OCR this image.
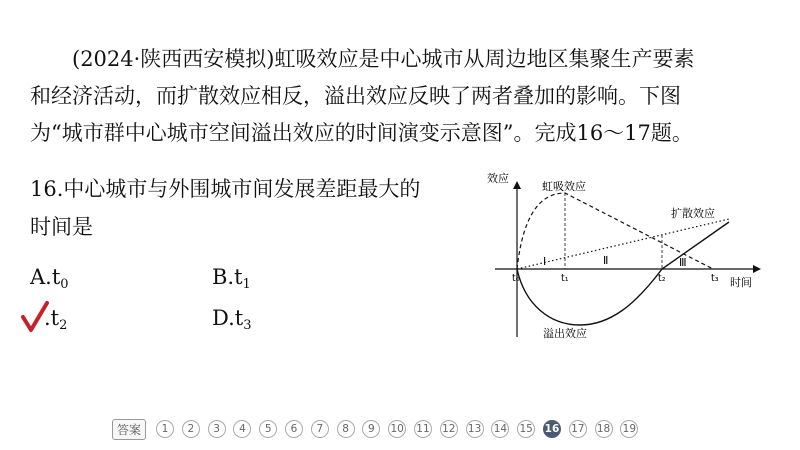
(2024·陕西西安模拟)虹吸效应是中心城市从周边地区集聚生产要素
和经济活动，而扩散效应相反，溢出效应反映了两者叠加的影响。下图
为“城市群中心城市空间溢出效应的时间演变示意图”。完成16～17题。
16.中心城市与外围城市间发展差距最大的
时间是
$A.t_0$	$B.t_1$
$.t_2$	$D.t_3$
效应
时间
虹吸效应
扩散效应
溢出效应
Ⅰ	Ⅱ	Ⅲ
t₀	t₁	t₂	t₃
答案	1	2	3	4	5	6	7	8	9	10 11 12 13 14 15 16 17 18 19
